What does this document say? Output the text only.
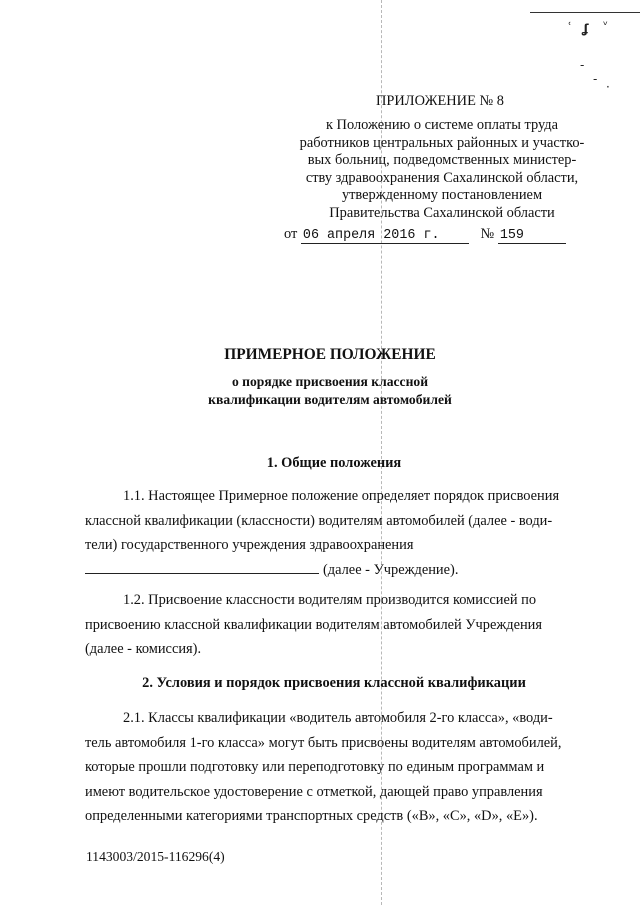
ʿ ʆ ᵛ
-
-
·
ПРИЛОЖЕНИЕ № 8
к Положению о системе оплаты труда
работников центральных районных и участко-
вых больниц, подведомственных министер-
ству здравоохранения Сахалинской области,
утвержденному постановлением
Правительства Сахалинской области
от 06 апреля 2016 г.	№ 159
ПРИМЕРНОЕ ПОЛОЖЕНИЕ
о порядке присвоения классной
квалификации водителям автомобилей
1. Общие положения
1.1. Настоящее Примерное положение определяет порядок присвоения
классной квалификации (классности) водителям автомобилей (далее - води-
тели) государственного учреждения здравоохранения
(далее - Учреждение).
1.2. Присвоение классности водителям производится комиссией по
присвоению классной квалификации водителям автомобилей Учреждения
(далее - комиссия).
2. Условия и порядок присвоения классной квалификации
2.1. Классы квалификации «водитель автомобиля 2-го класса», «води-
тель автомобиля 1-го класса» могут быть присвоены водителям автомобилей,
которые прошли подготовку или переподготовку по единым программам и
имеют водительское удостоверение с отметкой, дающей право управления
определенными категориями транспортных средств («B», «C», «D», «E»).
1143003/2015-116296(4)
